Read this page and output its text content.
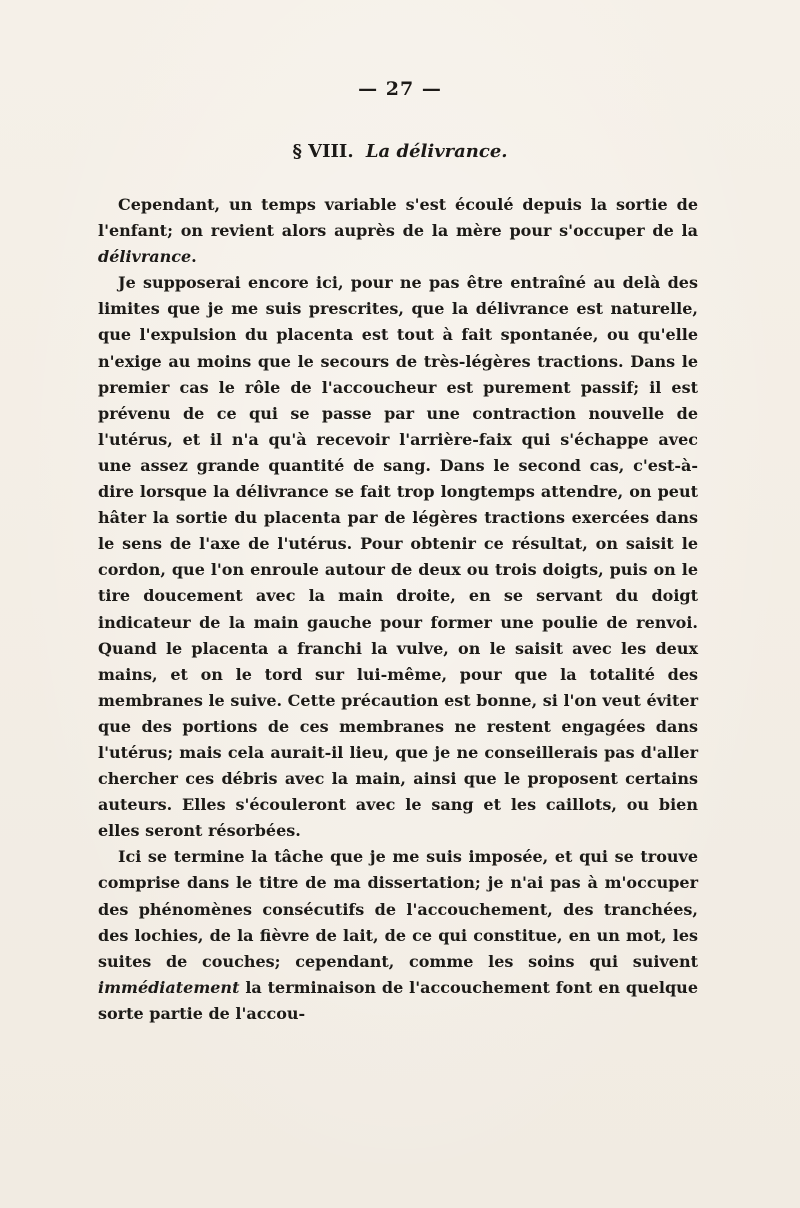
— 27 —
§ VIII. La délivrance.

Cependant, un temps variable s'est écoulé depuis la sortie de l'enfant; on revient alors auprès de la mère pour s'occuper de la délivrance.

Je supposerai encore ici, pour ne pas être entraîné au delà des limites que je me suis prescrites, que la délivrance est naturelle, que l'expulsion du placenta est tout à fait spontanée, ou qu'elle n'exige au moins que le secours de très-légères tractions. Dans le premier cas le rôle de l'accoucheur est purement passif; il est prévenu de ce qui se passe par une contraction nouvelle de l'utérus, et il n'a qu'à recevoir l'arrière-faix qui s'échappe avec une assez grande quantité de sang. Dans le second cas, c'est-à-dire lorsque la délivrance se fait trop longtemps attendre, on peut hâter la sortie du placenta par de légères tractions exercées dans le sens de l'axe de l'utérus. Pour obtenir ce résultat, on saisit le cordon, que l'on enroule autour de deux ou trois doigts, puis on le tire doucement avec la main droite, en se servant du doigt indicateur de la main gauche pour former une poulie de renvoi. Quand le placenta a franchi la vulve, on le saisit avec les deux mains, et on le tord sur lui-même, pour que la totalité des membranes le suive. Cette précaution est bonne, si l'on veut éviter que des portions de ces membranes ne restent engagées dans l'utérus; mais cela aurait-il lieu, que je ne conseillerais pas d'aller chercher ces débris avec la main, ainsi que le proposent certains auteurs. Elles s'écouleront avec le sang et les caillots, ou bien elles seront résorbées.

Ici se termine la tâche que je me suis imposée, et qui se trouve comprise dans le titre de ma dissertation; je n'ai pas à m'occuper des phénomènes consécutifs de l'accouchement, des tranchées, des lochies, de la fièvre de lait, de ce qui constitue, en un mot, les suites de couches; cependant, comme les soins qui suivent immédiatement la terminaison de l'accouchement font en quelque sorte partie de l'accou-
